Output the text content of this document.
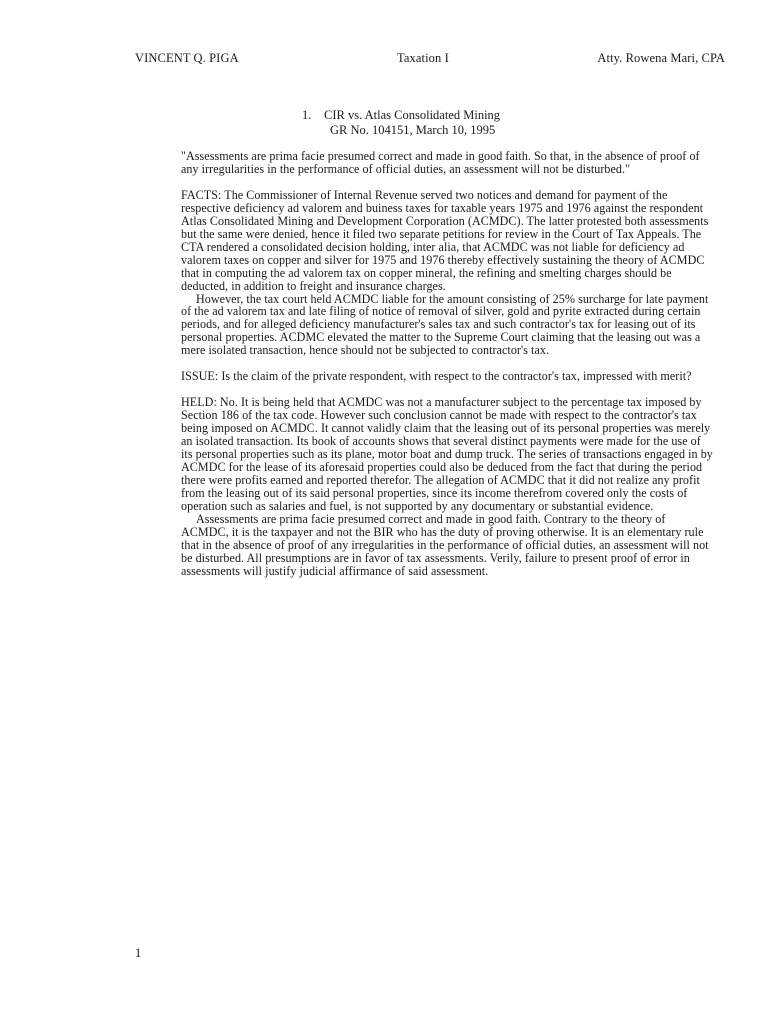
VINCENT Q. PIGA	Taxation I	Atty. Rowena Mari, CPA
1. CIR vs. Atlas Consolidated Mining
GR No. 104151, March 10, 1995

"Assessments are prima facie presumed correct and made in good faith. So that, in the absence of proof of any irregularities in the performance of official duties, an assessment will not be disturbed."

FACTS: The Commissioner of Internal Revenue served two notices and demand for payment of the respective deficiency ad valorem and buiness taxes for taxable years 1975 and 1976 against the respondent Atlas Consolidated Mining and Development Corporation (ACMDC). The latter protested both assessments but the same were denied, hence it filed two separate petitions for review in the Court of Tax Appeals. The CTA rendered a consolidated decision holding, inter alia, that ACMDC was not liable for deficiency ad valorem taxes on copper and silver for 1975 and 1976 thereby effectively sustaining the theory of ACMDC that in computing the ad valorem tax on copper mineral, the refining and smelting charges should be deducted, in addition to freight and insurance charges.

However, the tax court held ACMDC liable for the amount consisting of 25% surcharge for late payment of the ad valorem tax and late filing of notice of removal of silver, gold and pyrite extracted during certain periods, and for alleged deficiency manufacturer's sales tax and such contractor's tax for leasing out of its personal properties. ACDMC elevated the matter to the Supreme Court claiming that the leasing out was a mere isolated transaction, hence should not be subjected to contractor's tax.

ISSUE: Is the claim of the private respondent, with respect to the contractor's tax, impressed with merit?

HELD: No. It is being held that ACMDC was not a manufacturer subject to the percentage tax imposed by Section 186 of the tax code. However such conclusion cannot be made with respect to the contractor's tax being imposed on ACMDC. It cannot validly claim that the leasing out of its personal properties was merely an isolated transaction. Its book of accounts shows that several distinct payments were made for the use of its personal properties such as its plane, motor boat and dump truck. The series of transactions engaged in by ACMDC for the lease of its aforesaid properties could also be deduced from the fact that during the period there were profits earned and reported therefor. The allegation of ACMDC that it did not realize any profit from the leasing out of its said personal properties, since its income therefrom covered only the costs of operation such as salaries and fuel, is not supported by any documentary or substantial evidence.

Assessments are prima facie presumed correct and made in good faith. Contrary to the theory of ACMDC, it is the taxpayer and not the BIR who has the duty of proving otherwise. It is an elementary rule that in the absence of proof of any irregularities in the performance of official duties, an assessment will not be disturbed. All presumptions are in favor of tax assessments. Verily, failure to present proof of error in assessments will justify judicial affirmance of said assessment.

1
